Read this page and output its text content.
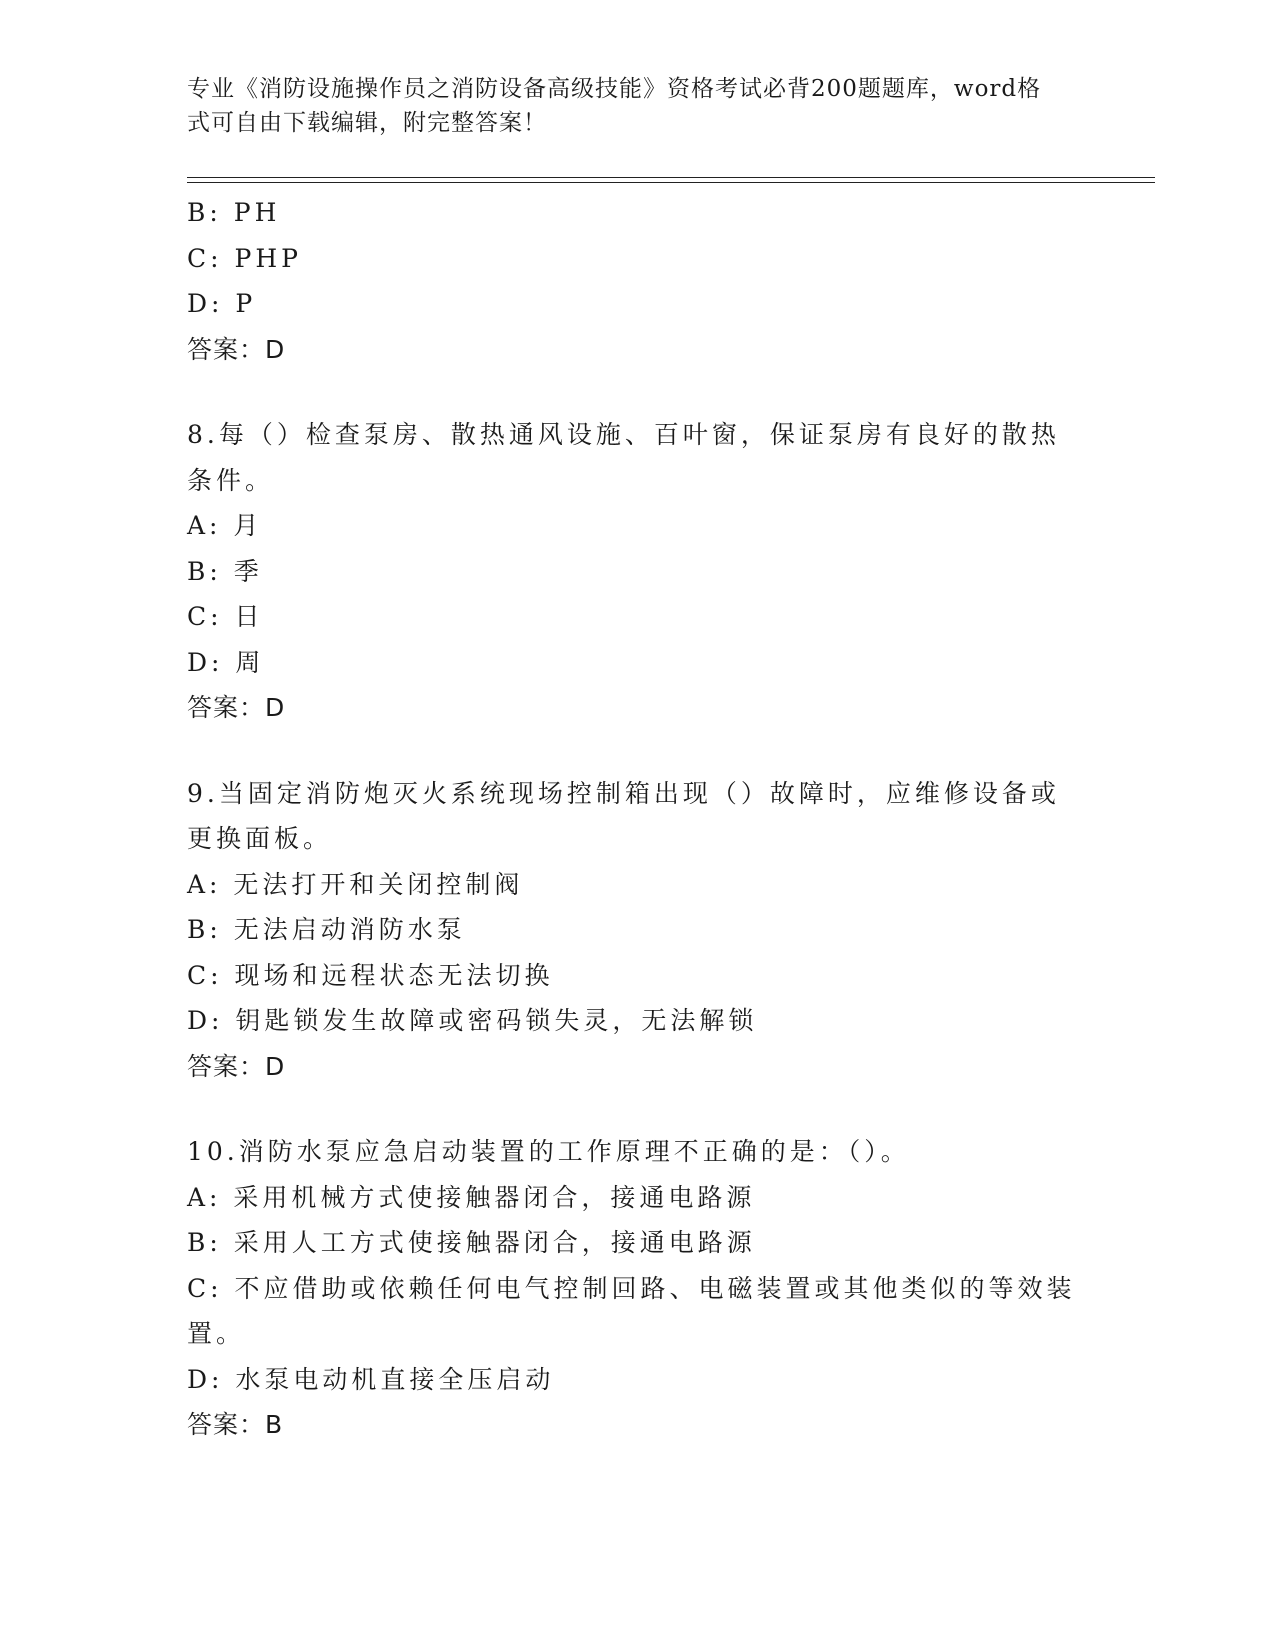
专业《消防设施操作员之消防设备高级技能》资格考试必背200题题库，word格
式可自由下载编辑，附完整答案！
B: PH
C: PHP
D: P
答案：D
8.每（）检查泵房、散热通风设施、百叶窗，保证泵房有良好的散热
条件。
A: 月
B: 季
C: 日
D: 周
答案：D
9.当固定消防炮灭火系统现场控制箱出现（）故障时，应维修设备或
更换面板。
A: 无法打开和关闭控制阀
B: 无法启动消防水泵
C: 现场和远程状态无法切换
D: 钥匙锁发生故障或密码锁失灵，无法解锁
答案：D
10.消防水泵应急启动装置的工作原理不正确的是：（）。
A: 采用机械方式使接触器闭合，接通电路源
B: 采用人工方式使接触器闭合，接通电路源
C: 不应借助或依赖任何电气控制回路、电磁装置或其他类似的等效装
置。
D: 水泵电动机直接全压启动
答案：B
